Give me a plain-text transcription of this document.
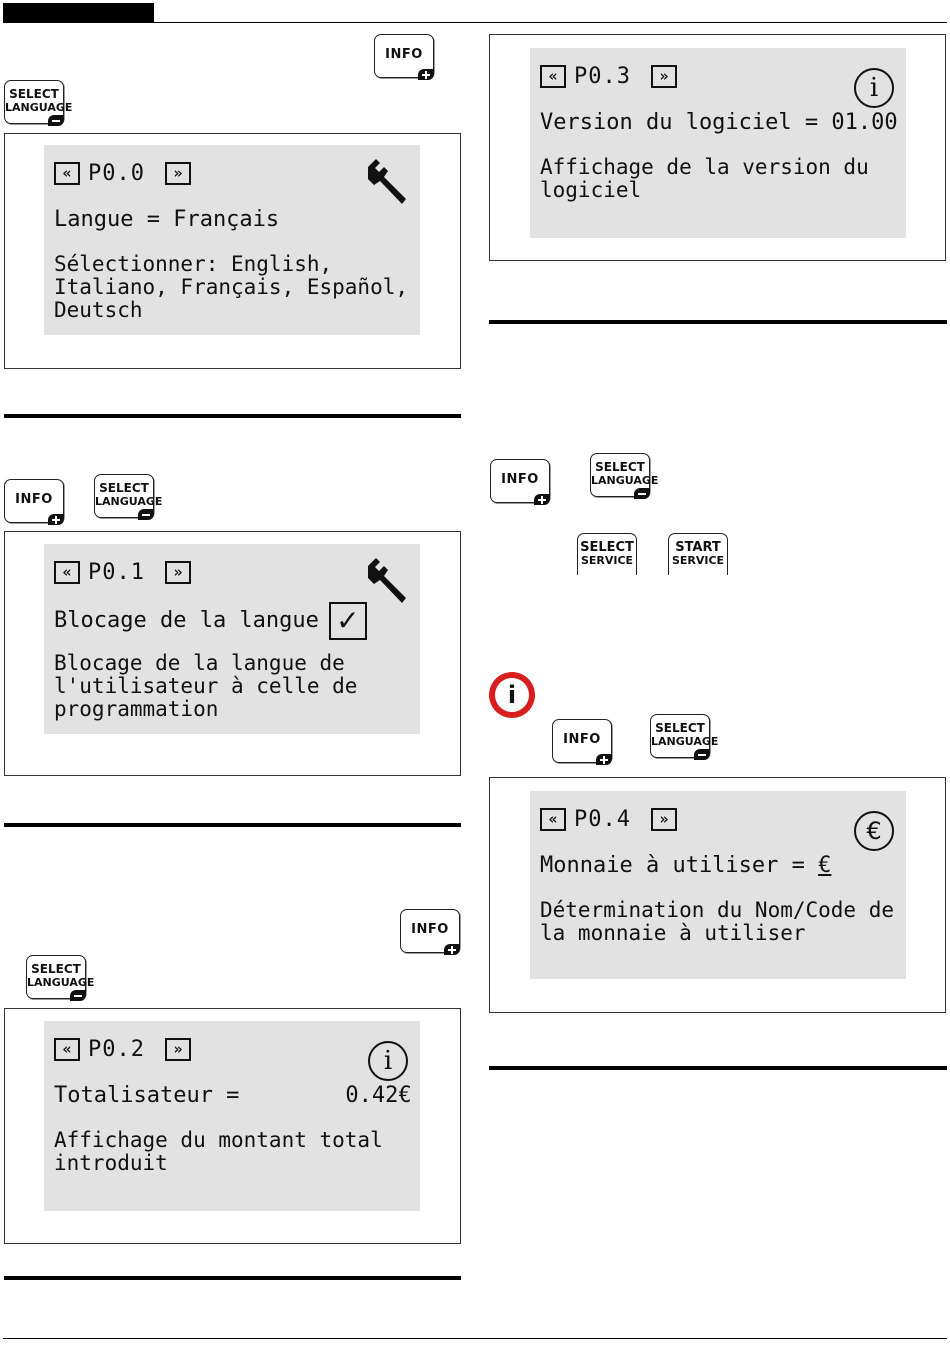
INFO
SELECT
LANGUAGE
« P0.0	»
Langue = Français
Sélectionner: English, Italiano, Français, Español, Deutsch
INFO
SELECT
LANGUAGE
« P0.1	»
Blocage de la langue ✓
Blocage de la langue de l'utilisateur à celle de programmation
INFO
SELECT
LANGUAGE
« P0.2	»	i
Totalisateur =        0.42€
Affichage du montant total introduit
« P0.3	»	i
Version du logiciel = 01.00
Affichage de la version du logiciel
INFO
SELECT
LANGUAGE
SELECT
SERVICE
START
SERVICE
i
INFO
SELECT
LANGUAGE
« P0.4	»	€
Monnaie à utiliser = €
Détermination du Nom/Code de la monnaie à utiliser
